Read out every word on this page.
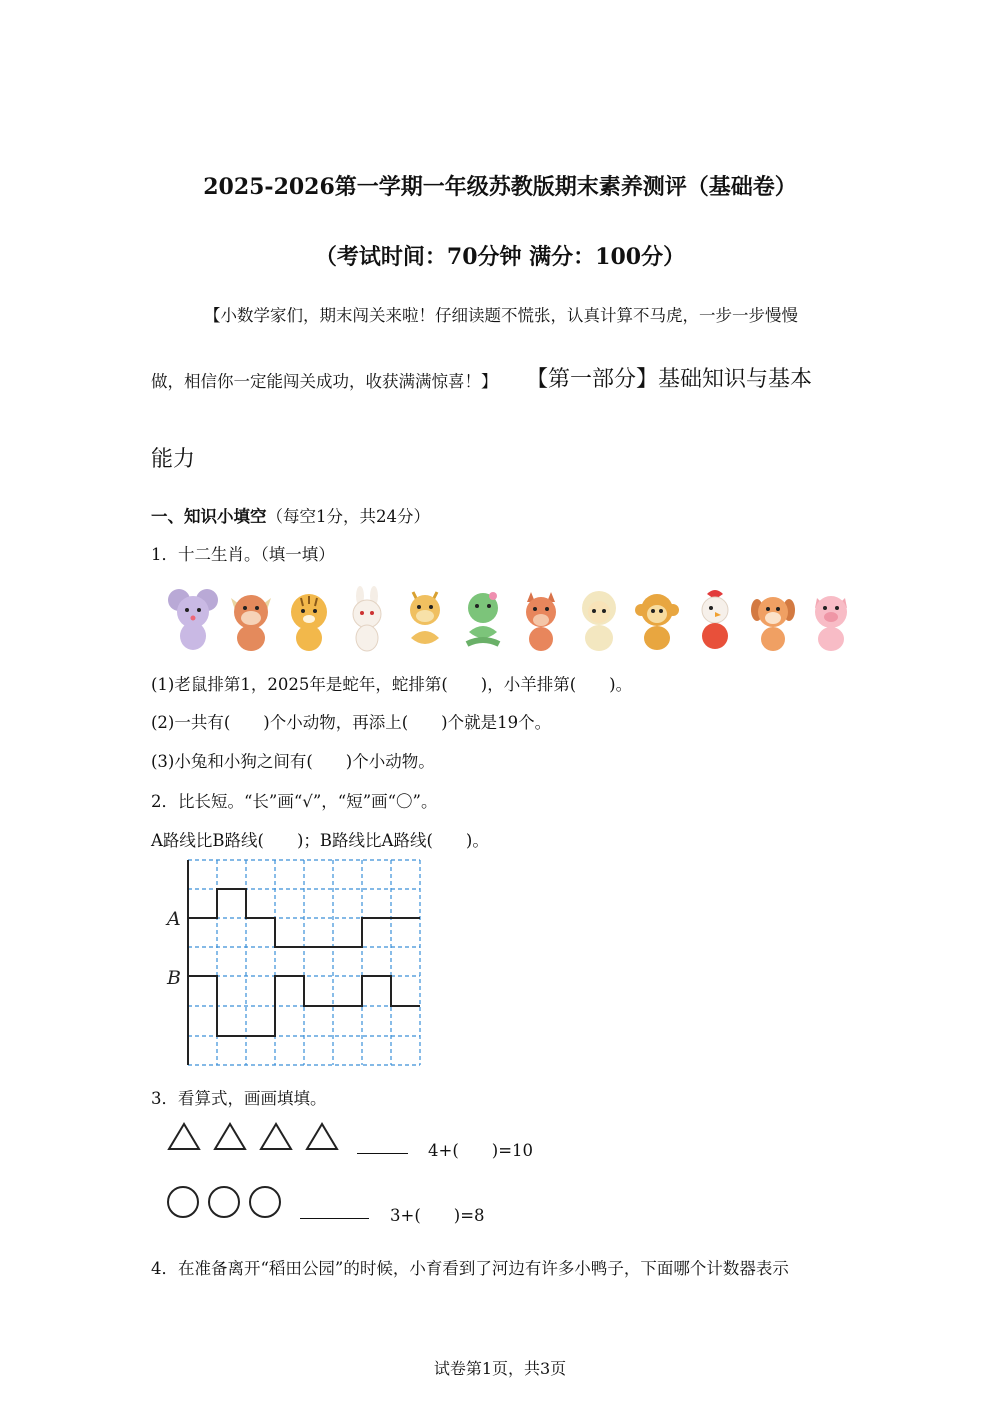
2025-2026第一学期一年级苏教版期末素养测评（基础卷）
（考试时间：70分钟 满分：100分）
【小数学家们，期末闯关来啦！仔细读题不慌张，认真计算不马虎，一步一步慢慢
做，相信你一定能闯关成功，收获满满惊喜！】 【第一部分】基础知识与基本
能力
一、知识小填空（每空1分，共24分）
1．十二生肖。（填一填）
(1)老鼠排第1，2025年是蛇年，蛇排第(　　)，小羊排第(　　)。
(2)一共有(　　)个小动物，再添上(　　)个就是19个。
(3)小兔和小狗之间有(　　)个小动物。
2．比长短。“长”画“√”，“短”画“〇”。
A路线比B路线(　　)；B路线比A路线(　　)。
A
B
3．看算式，画画填填。
4+(　　)=10
3+(　　)=8
4．在准备离开“稻田公园”的时候，小育看到了河边有许多小鸭子，下面哪个计数器表示
试卷第1页，共3页
